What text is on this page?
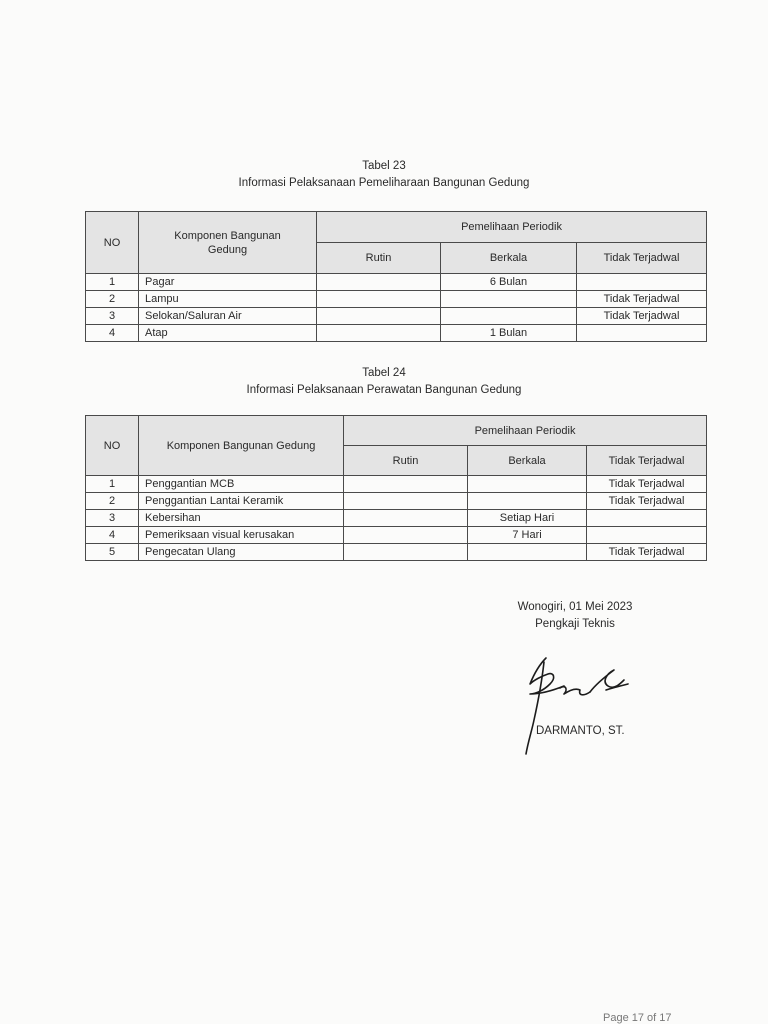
Tabel 23
Informasi Pelaksanaan Pemeliharaan Bangunan Gedung
NO	Komponen Bangunan Gedung	Pemelihaan Periodik		
		Rutin	Berkala	Tidak Terjadwal
1	Pagar		6 Bulan	
2	Lampu			Tidak Terjadwal
3	Selokan/Saluran Air			Tidak Terjadwal
4	Atap		1 Bulan	
Tabel 24
Informasi Pelaksanaan Perawatan Bangunan Gedung
NO	Komponen Bangunan Gedung	Pemelihaan Periodik		
		Rutin	Berkala	Tidak Terjadwal
1	Penggantian MCB			Tidak Terjadwal
2	Penggantian Lantai Keramik			Tidak Terjadwal
3	Kebersihan		Setiap Hari	
4	Pemeriksaan visual kerusakan		7 Hari	
5	Pengecatan Ulang			Tidak Terjadwal
Wonogiri, 01 Mei 2023
Pengkaji Teknis
DARMANTO, ST.
Page 17 of 17
